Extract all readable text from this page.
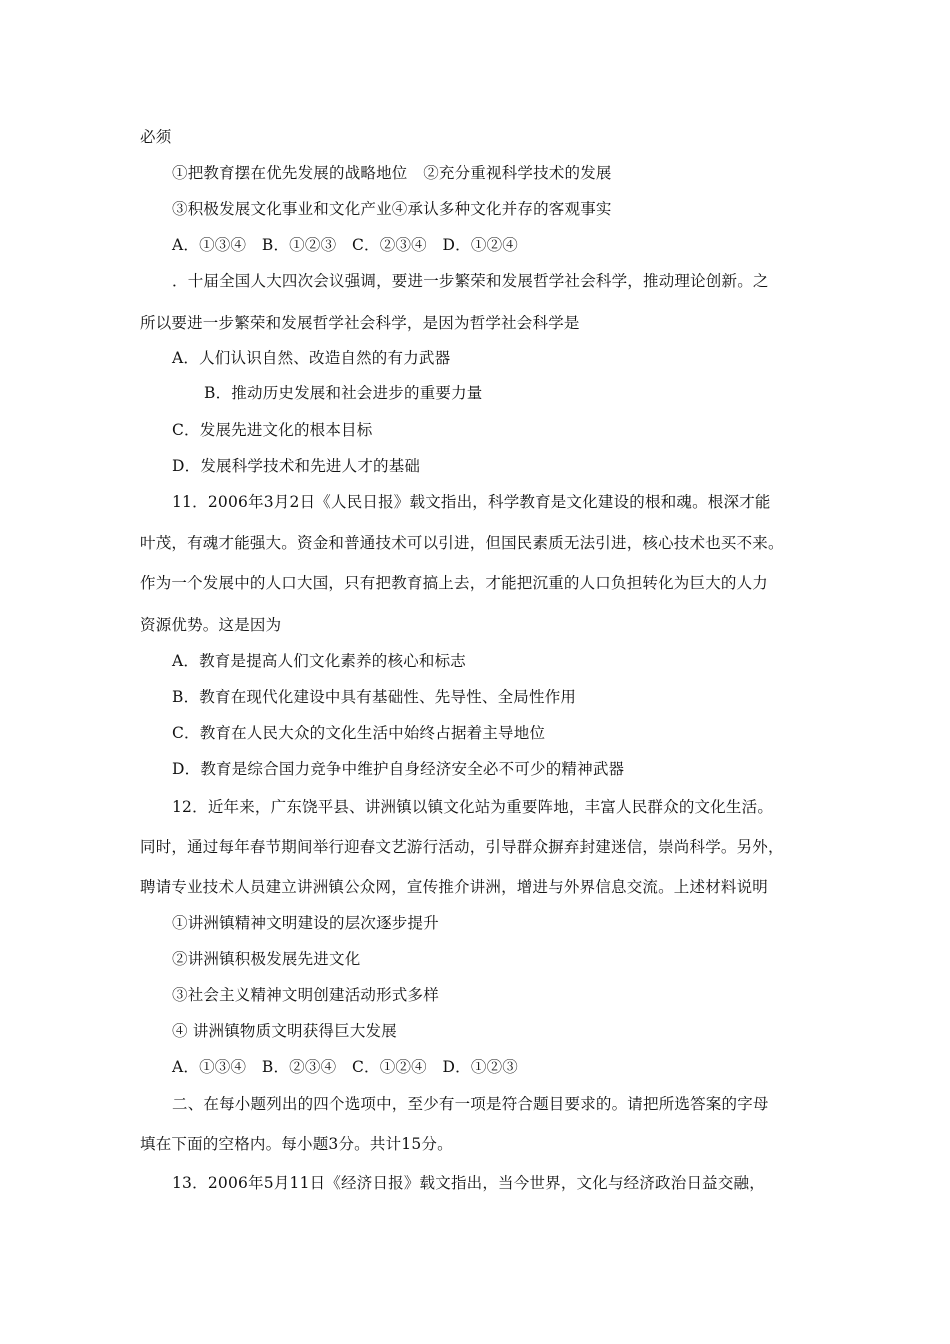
必须
①把教育摆在优先发展的战略地位　②充分重视科学技术的发展
③积极发展文化事业和文化产业④承认多种文化并存的客观事实
A．①③④　B．①②③　C．②③④　D．①②④
．十届全国人大四次会议强调，要进一步繁荣和发展哲学社会科学，推动理论创新。之
所以要进一步繁荣和发展哲学社会科学，是因为哲学社会科学是
A．人们认识自然、改造自然的有力武器
B．推动历史发展和社会进步的重要力量
C．发展先进文化的根本目标
D．发展科学技术和先进人才的基础
11．2006年3月2日《人民日报》载文指出，科学教育是文化建设的根和魂。根深才能
叶茂，有魂才能强大。资金和普通技术可以引进，但国民素质无法引进，核心技术也买不来。
作为一个发展中的人口大国，只有把教育搞上去，才能把沉重的人口负担转化为巨大的人力
资源优势。这是因为
A．教育是提高人们文化素养的核心和标志
B．教育在现代化建设中具有基础性、先导性、全局性作用
C．教育在人民大众的文化生活中始终占据着主导地位
D．教育是综合国力竞争中维护自身经济安全必不可少的精神武器
12．近年来，广东饶平县、讲洲镇以镇文化站为重要阵地，丰富人民群众的文化生活。
同时，通过每年春节期间举行迎春文艺游行活动，引导群众摒弃封建迷信，崇尚科学。另外，
聘请专业技术人员建立讲洲镇公众网，宣传推介讲洲，增进与外界信息交流。上述材料说明
①讲洲镇精神文明建设的层次逐步提升
②讲洲镇积极发展先进文化
③社会主义精神文明创建活动形式多样
④ 讲洲镇物质文明获得巨大发展
A．①③④　B．②③④　C．①②④　D．①②③
二、在每小题列出的四个选项中，至少有一项是符合题目要求的。请把所选答案的字母
填在下面的空格内。每小题3分。共计15分。
13．2006年5月11日《经济日报》载文指出，当今世界，文化与经济政治日益交融，
